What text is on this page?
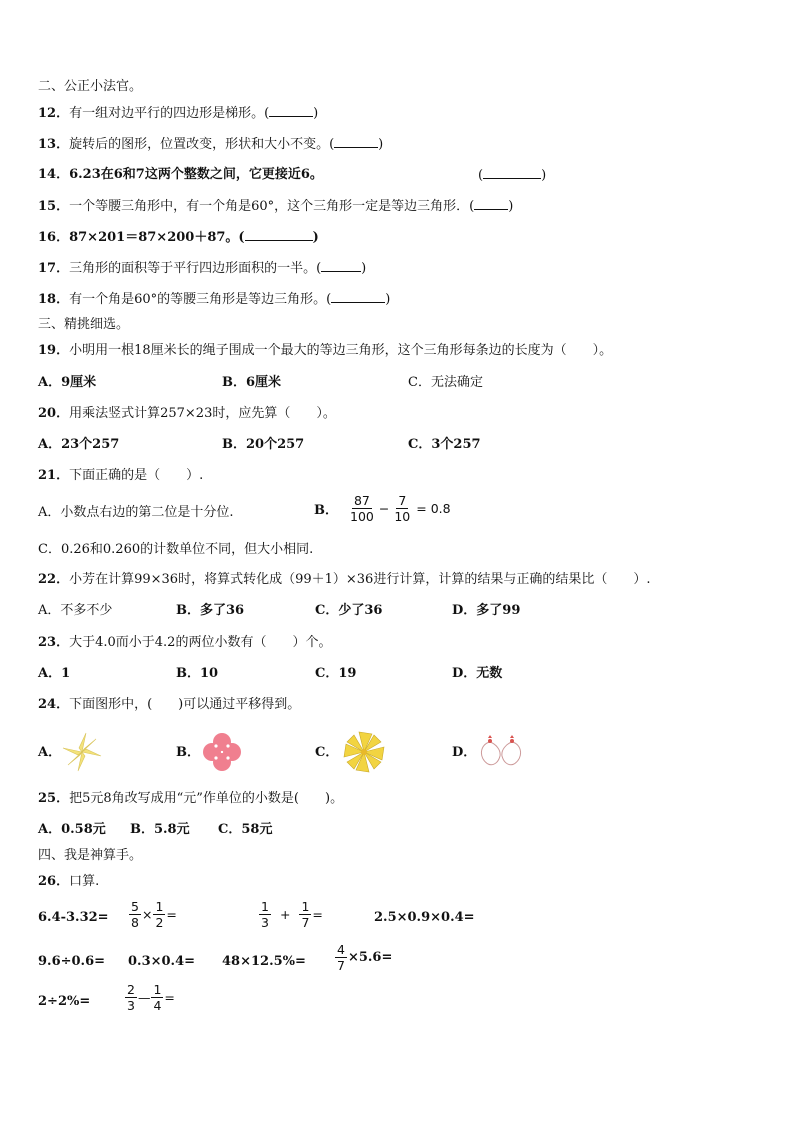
二、公正小法官。
12．有一组对边平行的四边形是梯形。(	)
13．旋转后的图形，位置改变，形状和大小不变。(	)
14．6.23在6和7这两个整数之间，它更接近6。	(	)
15．一个等腰三角形中，有一个角是60°，这个三角形一定是等边三角形．(	)
16．87×201＝87×200＋87。(	)
17．三角形的面积等于平行四边形面积的一半。(	)
18．有一个角是60°的等腰三角形是等边三角形。(	)
三、精挑细选。
19．小明用一根18厘米长的绳子围成一个最大的等边三角形，这个三角形每条边的长度为（　　）。
A．9厘米	B．6厘米	C．无法确定
20．用乘法竖式计算257×23时，应先算（　　）。
A．23个257	B．20个257	C．3个257
21．下面正确的是（　　）.
A．小数点右边的第二位是十分位.	B． $\frac{87}{100} - \frac{7}{10} = 0.8$
C．0.26和0.260的计数单位不同，但大小相同.
22．小芳在计算99×36时，将算式转化成（99＋1）×36进行计算，计算的结果与正确的结果比（　　）.
A．不多不少	B．多了36	C．少了36	D．多了99
23．大于4.0而小于4.2的两位小数有（　　）个。
A．1	B．10	C．19	D．无数
24．下面图形中，(　　)可以通过平移得到。
A．	B．	C．	D．
25．把5元8角改写成用“元”作单位的小数是(　　)。
A．0.58元 B．5.8元 C．58元
四、我是神算手。
26．口算.
$6.4-3.32= \frac{5}{8} \times \frac{1}{2}$ =	$\frac{1}{3} + \frac{1}{7}$ =	2.5×0.9×0.4=
$9.6\div 0.6= 0.3\times 0.4= 48\times 12.5\%= \frac{4}{7} \times 5.6=$
2÷2%=	$\frac{2}{3}$ — $\frac{1}{4}$ =
